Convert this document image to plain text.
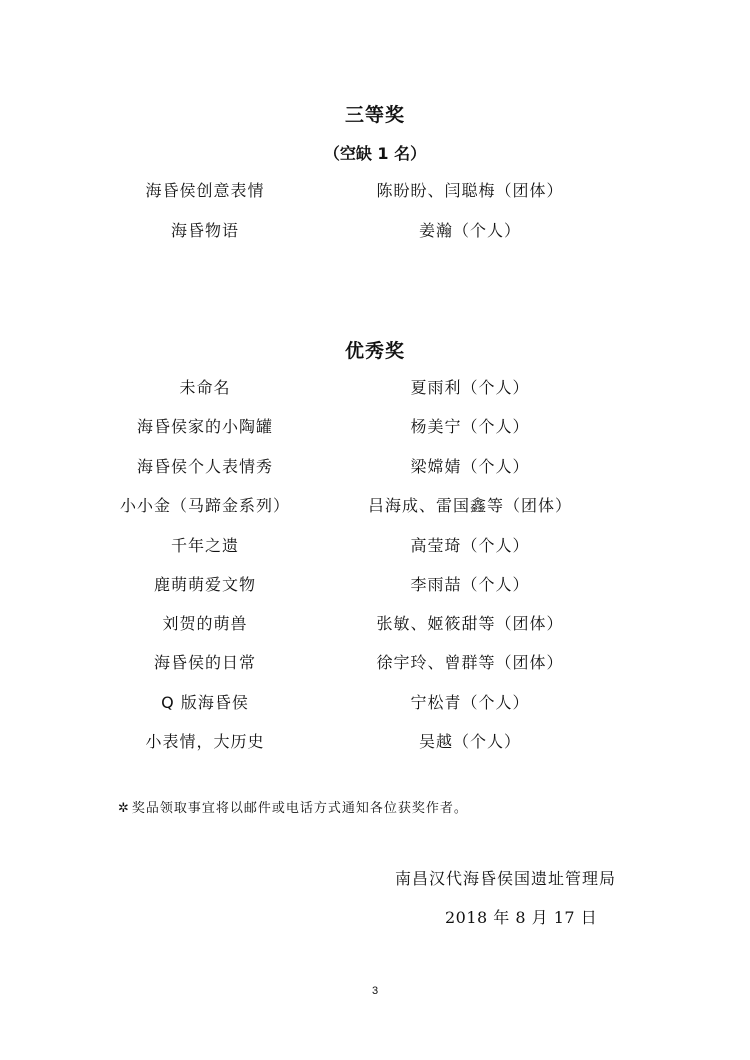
三等奖
（空缺 1 名）
海昏侯创意表情	陈盼盼、闫聪梅（团体）
海昏物语	姜瀚（个人）
优秀奖
未命名	夏雨利（个人）
海昏侯家的小陶罐	杨美宁（个人）
海昏侯个人表情秀	梁嫦婧（个人）
小小金（马蹄金系列）	吕海成、雷国鑫等（团体）
千年之遗	高莹琦（个人）
鹿萌萌爱文物	李雨喆（个人）
刘贺的萌兽	张敏、姬筱甜等（团体）
海昏侯的日常	徐宇玲、曾群等（团体）
Q 版海昏侯	宁松青（个人）
小表情，大历史	吴越（个人）
✲ 奖品领取事宜将以邮件或电话方式通知各位获奖作者。
南昌汉代海昏侯国遗址管理局
2018 年 8 月 17 日
3
